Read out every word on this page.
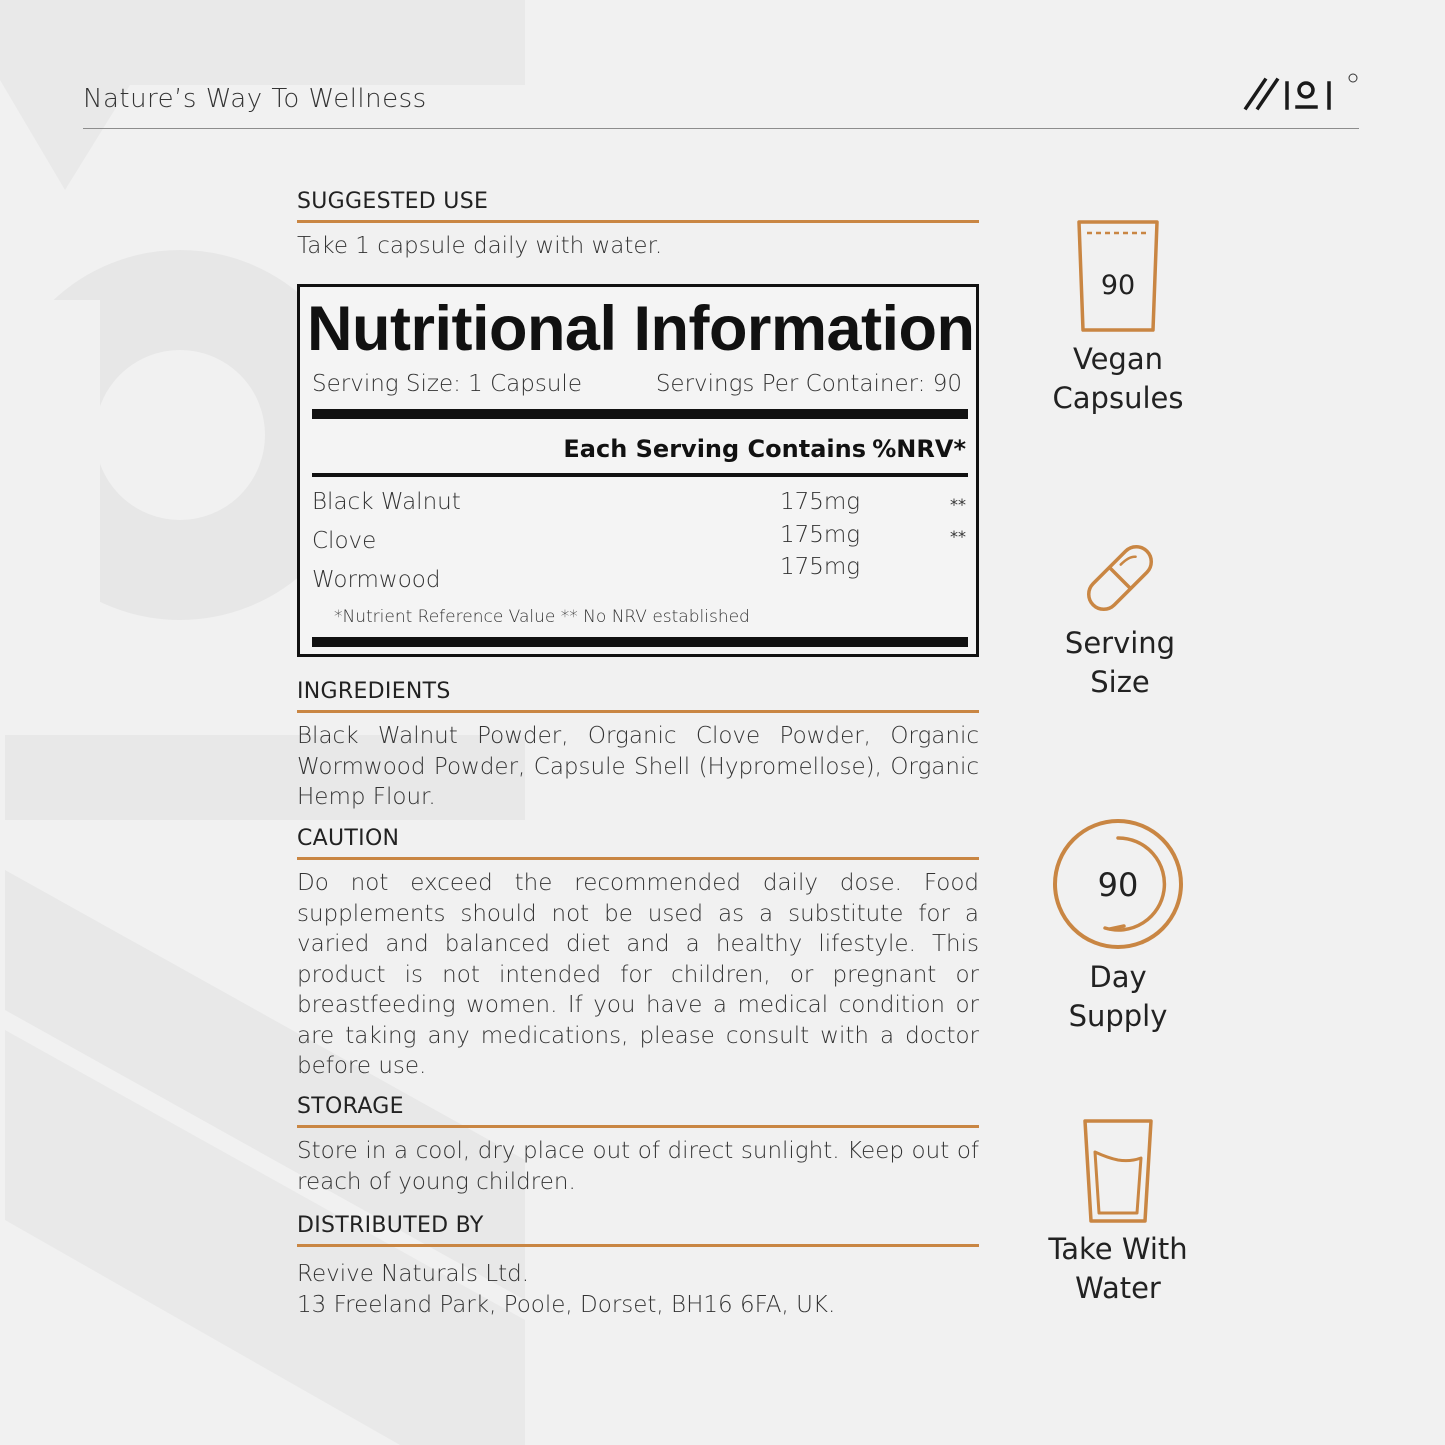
Nature’s Way To Wellness
SUGGESTED USE
Take 1 capsule daily with water.
Nutritional Information
Serving Size: 1 Capsule	Servings Per Container: 90
Each Serving Contains %NRV*
Black Walnut	175mg	**
Clove	175mg	**
Wormwood	175mg
*Nutrient Reference Value ** No NRV established
INGREDIENTS
Black Walnut Powder, Organic Clove Powder, Organic Wormwood Powder, Capsule Shell (Hypromellose), Organic Hemp Flour.
CAUTION
Do not exceed the recommended daily dose. Food supplements should not be used as a substitute for a varied and balanced diet and a healthy lifestyle. This product is not intended for children, or pregnant or breastfeeding women. If you have a medical condition or are taking any medications, please consult with a doctor before use.
STORAGE
Store in a cool, dry place out of direct sunlight. Keep out of reach of young children.
DISTRIBUTED BY
Revive Naturals Ltd.
13 Freeland Park, Poole, Dorset, BH16 6FA, UK.
90
Vegan
Capsules
Serving
Size
90
Day
Supply
Take With
Water
